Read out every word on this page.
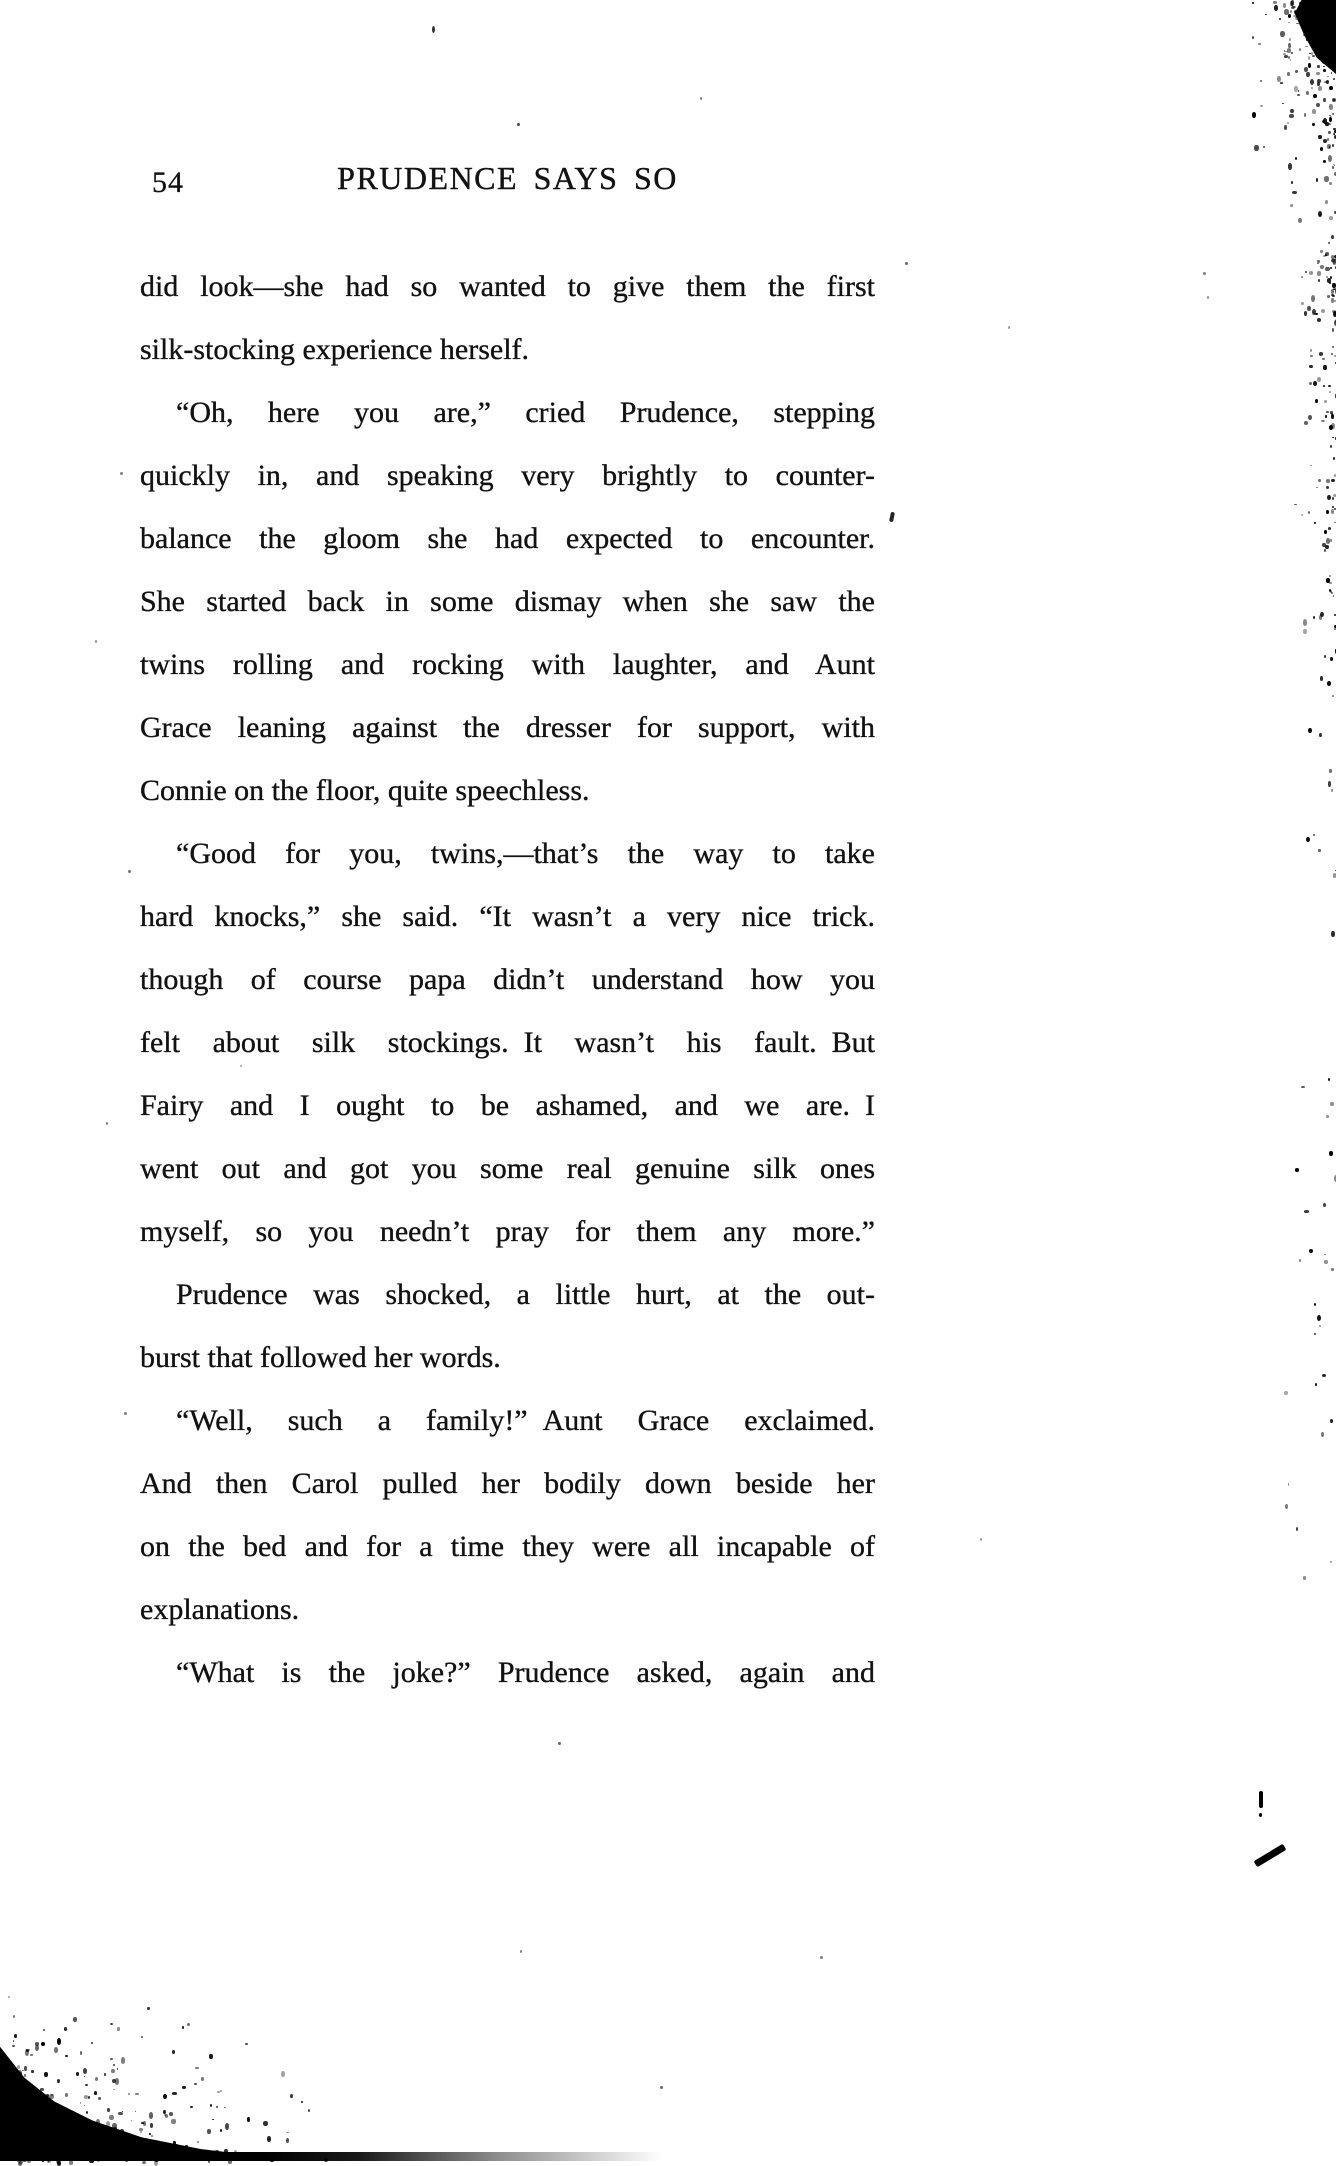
54	PRUDENCE SAYS SO
did look—she had so wanted to give them the first
silk-stocking experience herself.
“Oh, here you are,” cried Prudence, stepping
quickly in, and speaking very brightly to counter-
balance the gloom she had expected to encounter.
She started back in some dismay when she saw the
twins rolling and rocking with laughter, and Aunt
Grace leaning against the dresser for support, with
Connie on the floor, quite speechless.
“Good for you, twins,—that’s the way to take
hard knocks,” she said. “It wasn’t a very nice trick.
though of course papa didn’t understand how you
felt about silk stockings. It wasn’t his fault. But
Fairy and I ought to be ashamed, and we are. I
went out and got you some real genuine silk ones
myself, so you needn’t pray for them any more.”
Prudence was shocked, a little hurt, at the out-
burst that followed her words.
“Well, such a family!” Aunt Grace exclaimed.
And then Carol pulled her bodily down beside her
on the bed and for a time they were all incapable of
explanations.
“What is the joke?” Prudence asked, again and
